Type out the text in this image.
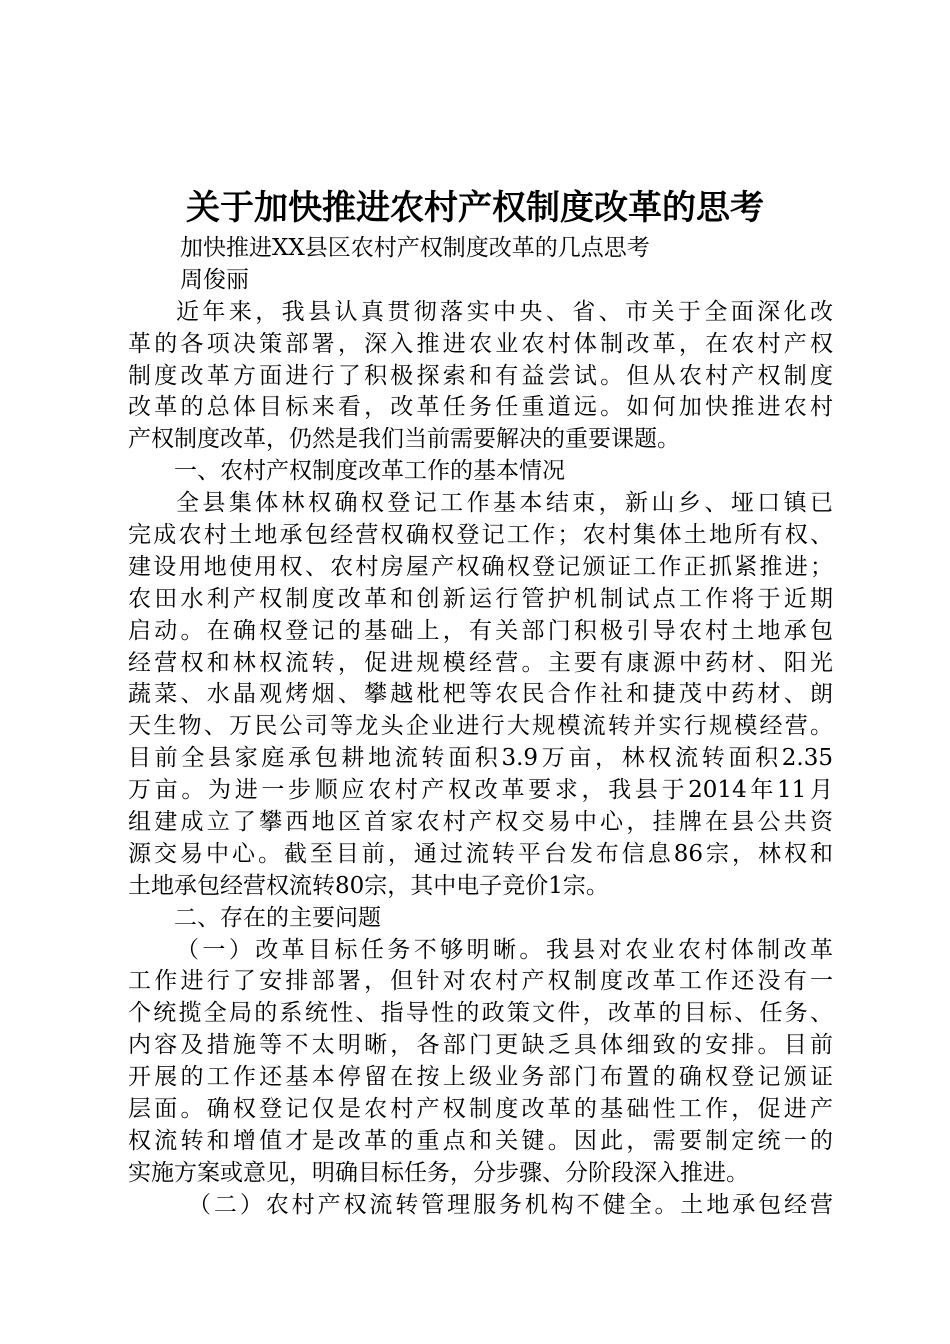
关于加快推进农村产权制度改革的思考
加快推进XX县区农村产权制度改革的几点思考
周俊丽
近年来，我县认真贯彻落实中央、省、市关于全面深化改
革的各项决策部署，深入推进农业农村体制改革，在农村产权
制度改革方面进行了积极探索和有益尝试。但从农村产权制度
改革的总体目标来看，改革任务任重道远。如何加快推进农村
产权制度改革，仍然是我们当前需要解决的重要课题。
一、农村产权制度改革工作的基本情况
全县集体林权确权登记工作基本结束，新山乡、垭口镇已
完成农村土地承包经营权确权登记工作；农村集体土地所有权、
建设用地使用权、农村房屋产权确权登记颁证工作正抓紧推进；
农田水利产权制度改革和创新运行管护机制试点工作将于近期
启动。在确权登记的基础上，有关部门积极引导农村土地承包
经营权和林权流转，促进规模经营。主要有康源中药材、阳光
蔬菜、水晶观烤烟、攀越枇杷等农民合作社和捷茂中药材、朗
天生物、万民公司等龙头企业进行大规模流转并实行规模经营。
目前全县家庭承包耕地流转面积3.9万亩，林权流转面积2.35
万亩。为进一步顺应农村产权改革要求，我县于2014年11月
组建成立了攀西地区首家农村产权交易中心，挂牌在县公共资
源交易中心。截至目前，通过流转平台发布信息86宗，林权和
土地承包经营权流转80宗，其中电子竞价1宗。
二、存在的主要问题
（一）改革目标任务不够明晰。我县对农业农村体制改革
工作进行了安排部署，但针对农村产权制度改革工作还没有一
个统揽全局的系统性、指导性的政策文件，改革的目标、任务、
内容及措施等不太明晰，各部门更缺乏具体细致的安排。目前
开展的工作还基本停留在按上级业务部门布置的确权登记颁证
层面。确权登记仅是农村产权制度改革的基础性工作，促进产
权流转和增值才是改革的重点和关键。因此，需要制定统一的
实施方案或意见，明确目标任务，分步骤、分阶段深入推进。
（二）农村产权流转管理服务机构不健全。土地承包经营
